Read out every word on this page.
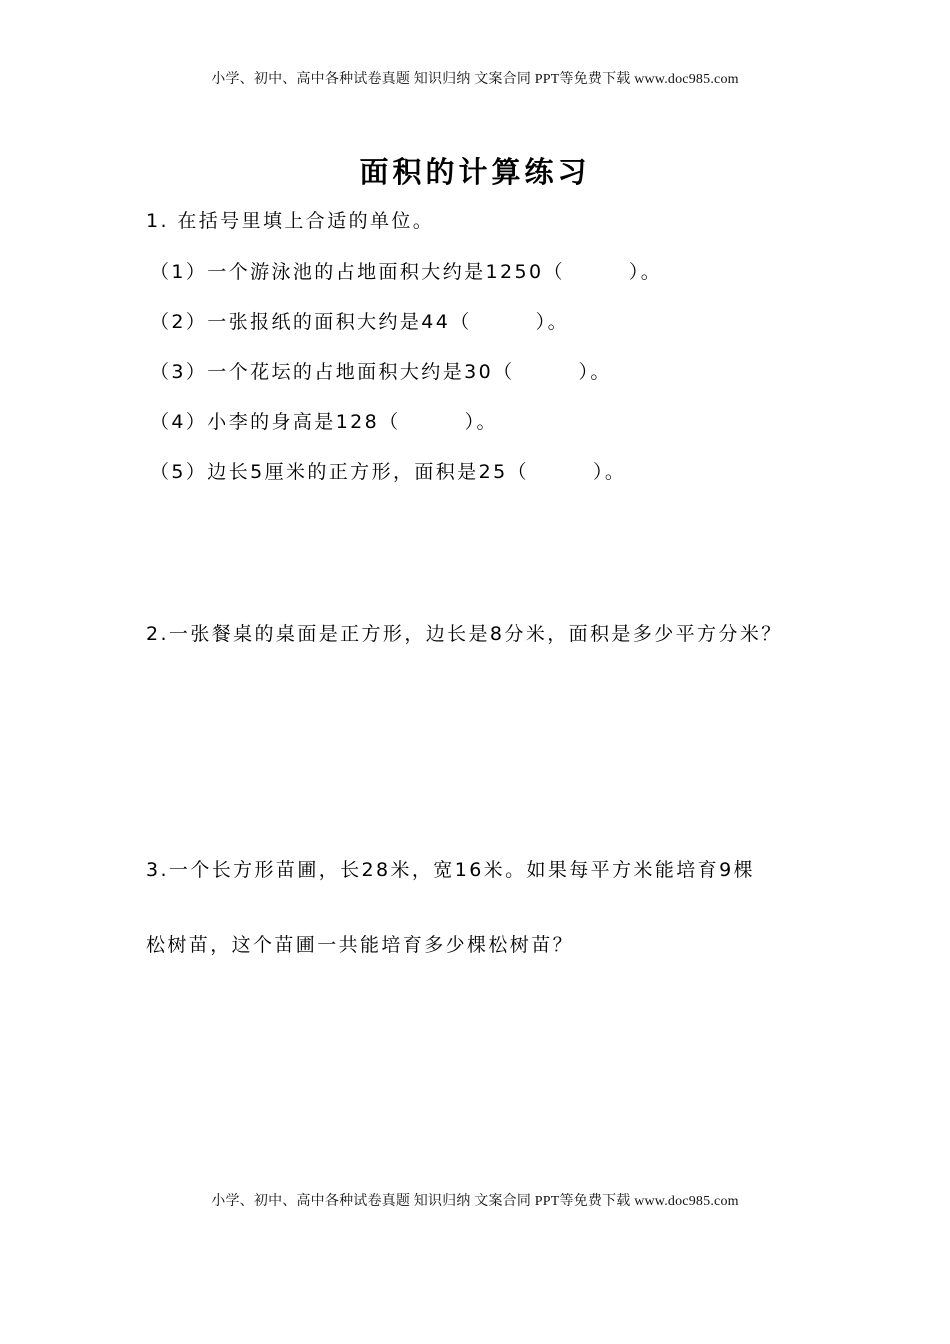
小学、初中、高中各种试卷真题 知识归纳 文案合同 PPT等免费下载 www.doc985.com
面积的计算练习
1. 在括号里填上合适的单位。
（1）一个游泳池的占地面积大约是1250（	）。
（2）一张报纸的面积大约是44（	）。
（3）一个花坛的占地面积大约是30（	）。
（4）小李的身高是128（	）。
（5）边长5厘米的正方形，面积是25（	）。
2.一张餐桌的桌面是正方形，边长是8分米，面积是多少平方分米？
3.一个长方形苗圃，长28米，宽16米。如果每平方米能培育9棵
松树苗，这个苗圃一共能培育多少棵松树苗？
小学、初中、高中各种试卷真题 知识归纳 文案合同 PPT等免费下载 www.doc985.com
